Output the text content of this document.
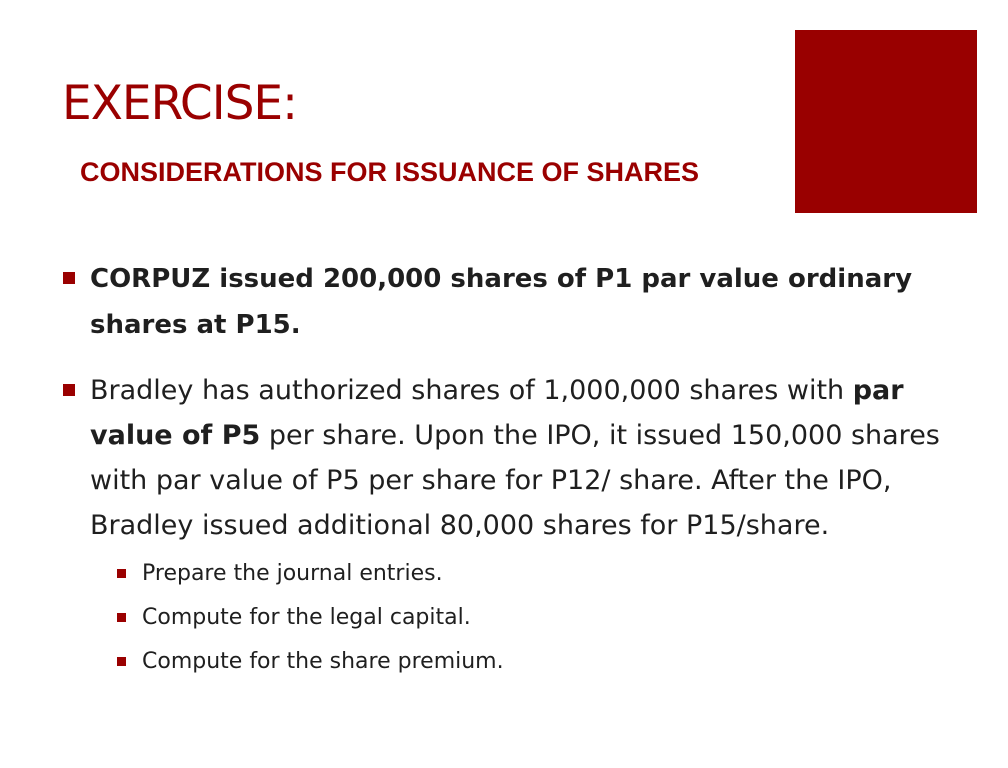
EXERCISE:
CONSIDERATIONS FOR ISSUANCE OF SHARES

CORPUZ issued 200,000 shares of P1 par value ordinary shares at P15.

Bradley has authorized shares of 1,000,000 shares with par value of P5 per share. Upon the IPO, it issued 150,000 shares with par value of P5 per share for P12/ share. After the IPO, Bradley issued additional 80,000 shares for P15/share.
Prepare the journal entries.
Compute for the legal capital.
Compute for the share premium.
